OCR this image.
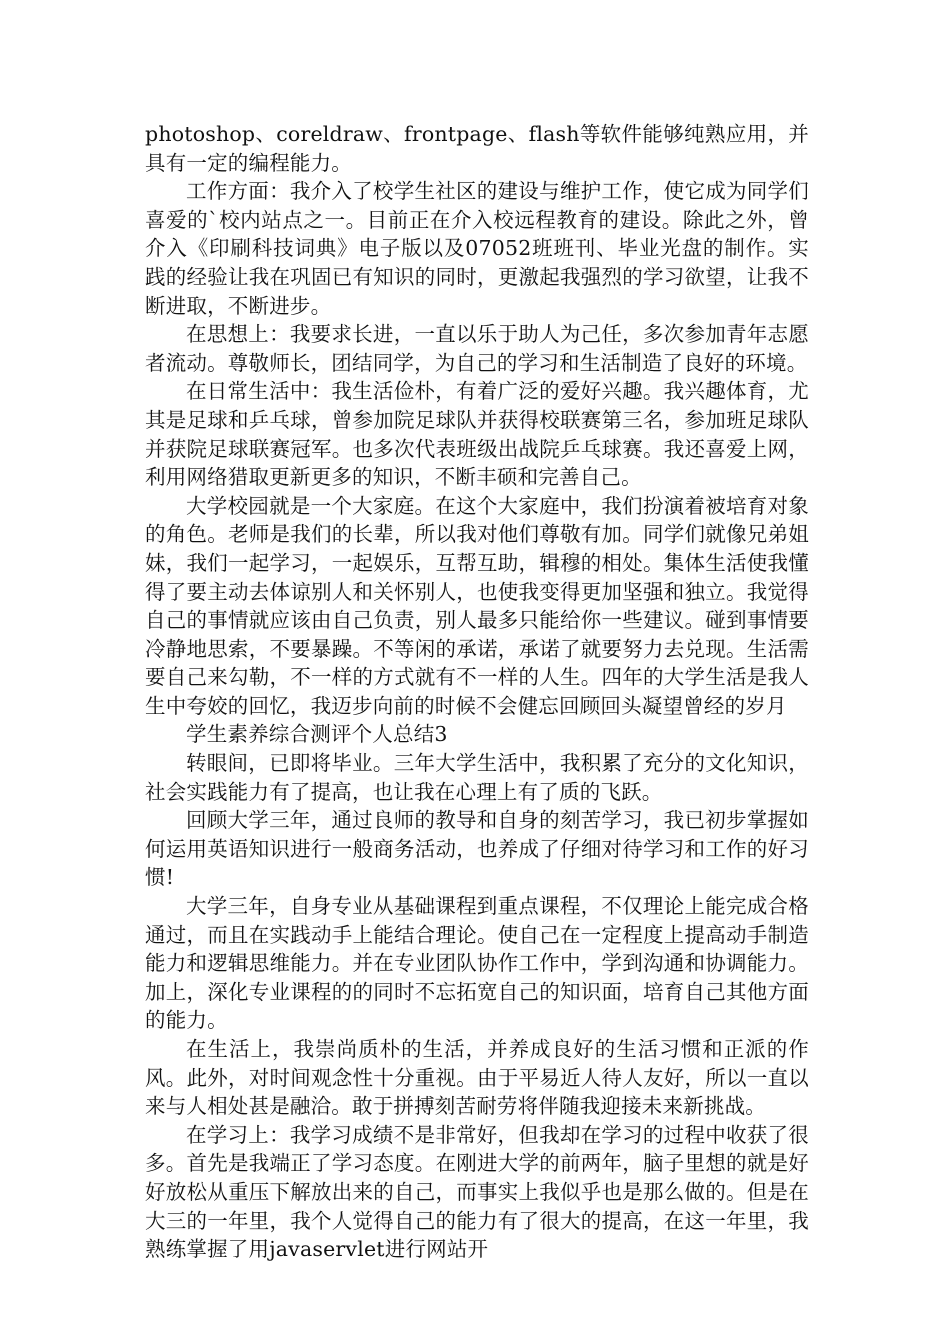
photoshop、coreldraw、frontpage、flash等软件能够纯熟应用，并具有一定的编程能力。

工作方面：我介入了校学生社区的建设与维护工作，使它成为同学们喜爱的`校内站点之一。目前正在介入校远程教育的建设。除此之外，曾介入《印刷科技词典》电子版以及07052班班刊、毕业光盘的制作。实践的经验让我在巩固已有知识的同时，更激起我强烈的学习欲望，让我不断进取，不断进步。

在思想上：我要求长进，一直以乐于助人为己任，多次参加青年志愿者流动。尊敬师长，团结同学，为自己的学习和生活制造了良好的环境。

在日常生活中：我生活俭朴，有着广泛的爱好兴趣。我兴趣体育，尤其是足球和乒乓球，曾参加院足球队并获得校联赛第三名，参加班足球队并获院足球联赛冠军。也多次代表班级出战院乒乓球赛。我还喜爱上网，利用网络猎取更新更多的知识，不断丰硕和完善自己。

大学校园就是一个大家庭。在这个大家庭中，我们扮演着被培育对象的角色。老师是我们的长辈，所以我对他们尊敬有加。同学们就像兄弟姐妹，我们一起学习，一起娱乐，互帮互助，辑穆的相处。集体生活使我懂得了要主动去体谅别人和关怀别人，也使我变得更加坚强和独立。我觉得自己的事情就应该由自己负责，别人最多只能给你一些建议。碰到事情要冷静地思索，不要暴躁。不等闲的承诺，承诺了就要努力去兑现。生活需要自己来勾勒，不一样的方式就有不一样的人生。四年的大学生活是我人生中夸姣的回忆，我迈步向前的时候不会健忘回顾回头凝望曾经的岁月

学生素养综合测评个人总结3

转眼间，已即将毕业。三年大学生活中，我积累了充分的文化知识，社会实践能力有了提高，也让我在心理上有了质的飞跃。

回顾大学三年，通过良师的教导和自身的刻苦学习，我已初步掌握如何运用英语知识进行一般商务活动，也养成了仔细对待学习和工作的好习惯!

大学三年，自身专业从基础课程到重点课程，不仅理论上能完成合格通过，而且在实践动手上能结合理论。使自己在一定程度上提高动手制造能力和逻辑思维能力。并在专业团队协作工作中，学到沟通和协调能力。加上，深化专业课程的的同时不忘拓宽自己的知识面，培育自己其他方面的能力。

在生活上，我崇尚质朴的生活，并养成良好的生活习惯和正派的作风。此外，对时间观念性十分重视。由于平易近人待人友好，所以一直以来与人相处甚是融洽。敢于拼搏刻苦耐劳将伴随我迎接未来新挑战。

在学习上：我学习成绩不是非常好，但我却在学习的过程中收获了很多。首先是我端正了学习态度。在刚进大学的前两年，脑子里想的就是好好放松从重压下解放出来的自己，而事实上我似乎也是那么做的。但是在大三的一年里，我个人觉得自己的能力有了很大的提高，在这一年里，我熟练掌握了用javaservlet进行网站开
